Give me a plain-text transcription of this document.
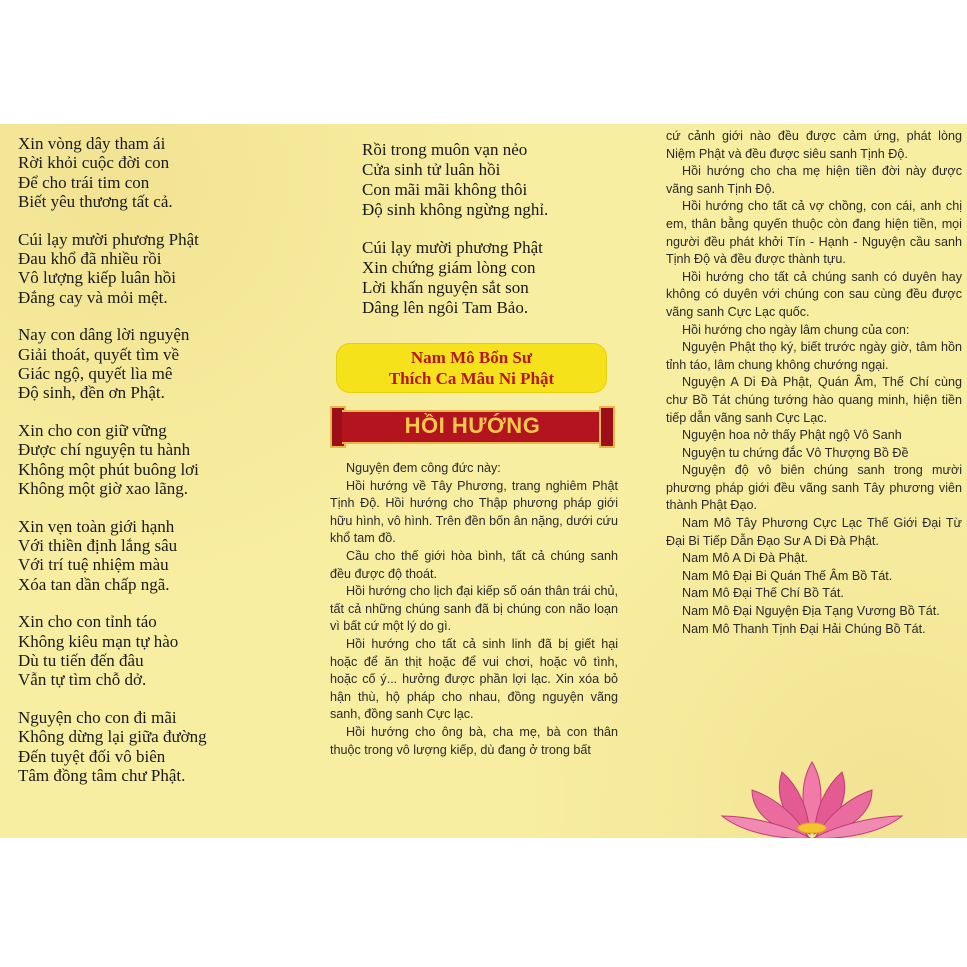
Xin vòng dây tham ái
Rời khỏi cuộc đời con
Để cho trái tim con
Biết yêu thương tất cả.
Cúi lạy mười phương Phật
Đau khổ đã nhiều rồi
Vô lượng kiếp luân hồi
Đắng cay và mỏi mệt.
Nay con dâng lời nguyện
Giải thoát, quyết tìm về
Giác ngộ, quyết lìa mê
Độ sinh, đền ơn Phật.
Xin cho con giữ vững
Được chí nguyện tu hành
Không một phút buông lơi
Không một giờ xao lãng.
Xin vẹn toàn giới hạnh
Với thiền định lắng sâu
Với trí tuệ nhiệm màu
Xóa tan dần chấp ngã.
Xin cho con tỉnh táo
Không kiêu mạn tự hào
Dù tu tiến đến đâu
Vẫn tự tìm chỗ dở.
Nguyện cho con đi mãi
Không dừng lại giữa đường
Đến tuyệt đối vô biên
Tâm đồng tâm chư Phật.
Rồi trong muôn vạn nẻo
Cửa sinh tử luân hồi
Con mãi mãi không thôi
Độ sinh không ngừng nghỉ.
Cúi lạy mười phương Phật
Xin chứng giám lòng con
Lời khấn nguyện sắt son
Dâng lên ngôi Tam Bảo.
Nam Mô Bổn Sư
Thích Ca Mâu Ni Phật
HỒI HƯỚNG

Nguyện đem công đức này:

Hồi hướng về Tây Phương, trang nghiêm Phật Tịnh Độ. Hồi hướng cho Thập phương pháp giới hữu hình, vô hình. Trên đền bốn ân nặng, dưới cứu khổ tam đồ.

Cầu cho thế giới hòa bình, tất cả chúng sanh đều được độ thoát.

Hồi hướng cho lịch đại kiếp số oán thân trái chủ, tất cả những chúng sanh đã bị chúng con não loạn vì bất cứ một lý do gì.

Hồi hướng cho tất cả sinh linh đã bị giết hại hoặc để ăn thịt hoặc để vui chơi, hoặc vô tình, hoặc cố ý... hưởng được phần lợi lạc. Xin xóa bỏ hận thù, hộ pháp cho nhau, đồng nguyện vãng sanh, đồng sanh Cực lạc.

Hồi hướng cho ông bà, cha mẹ, bà con thân thuộc trong vô lượng kiếp, dù đang ở trong bất

cứ cảnh giới nào đều được cảm ứng, phát lòng Niệm Phật và đều được siêu sanh Tịnh Độ.

Hồi hướng cho cha mẹ hiện tiền đời này được vãng sanh Tịnh Độ.

Hồi hướng cho tất cả vợ chồng, con cái, anh chị em, thân bằng quyến thuộc còn đang hiện tiền, mọi người đều phát khởi Tín - Hạnh - Nguyện cầu sanh Tịnh Độ và đều được thành tựu.

Hồi hướng cho tất cả chúng sanh có duyên hay không có duyên với chúng con sau cùng đều được vãng sanh Cực Lạc quốc.

Hồi hướng cho ngày lâm chung của con:

Nguyện Phật thọ ký, biết trước ngày giờ, tâm hồn tỉnh táo, lâm chung không chướng ngại.

Nguyện A Di Đà Phật, Quán Âm, Thế Chí cùng chư Bồ Tát chúng tướng hào quang minh, hiện tiền tiếp dẫn vãng sanh Cực Lạc.

Nguyện hoa nở thấy Phật ngộ Vô Sanh

Nguyện tu chứng đắc Vô Thượng Bồ Đề

Nguyện độ vô biên chúng sanh trong mười phương pháp giới đều vãng sanh Tây phương viên thành Phật Đạo.

Nam Mô Tây Phương Cực Lạc Thế Giới Đại Từ Đại Bi Tiếp Dẫn Đạo Sư A Di Đà Phật.

Nam Mô A Di Đà Phật.

Nam Mô Đại Bi Quán Thế Âm Bồ Tát.

Nam Mô Đại Thế Chí Bồ Tát.

Nam Mô Đại Nguyện Địa Tạng Vương Bồ Tát.

Nam Mô Thanh Tịnh Đại Hải Chúng Bồ Tát.
